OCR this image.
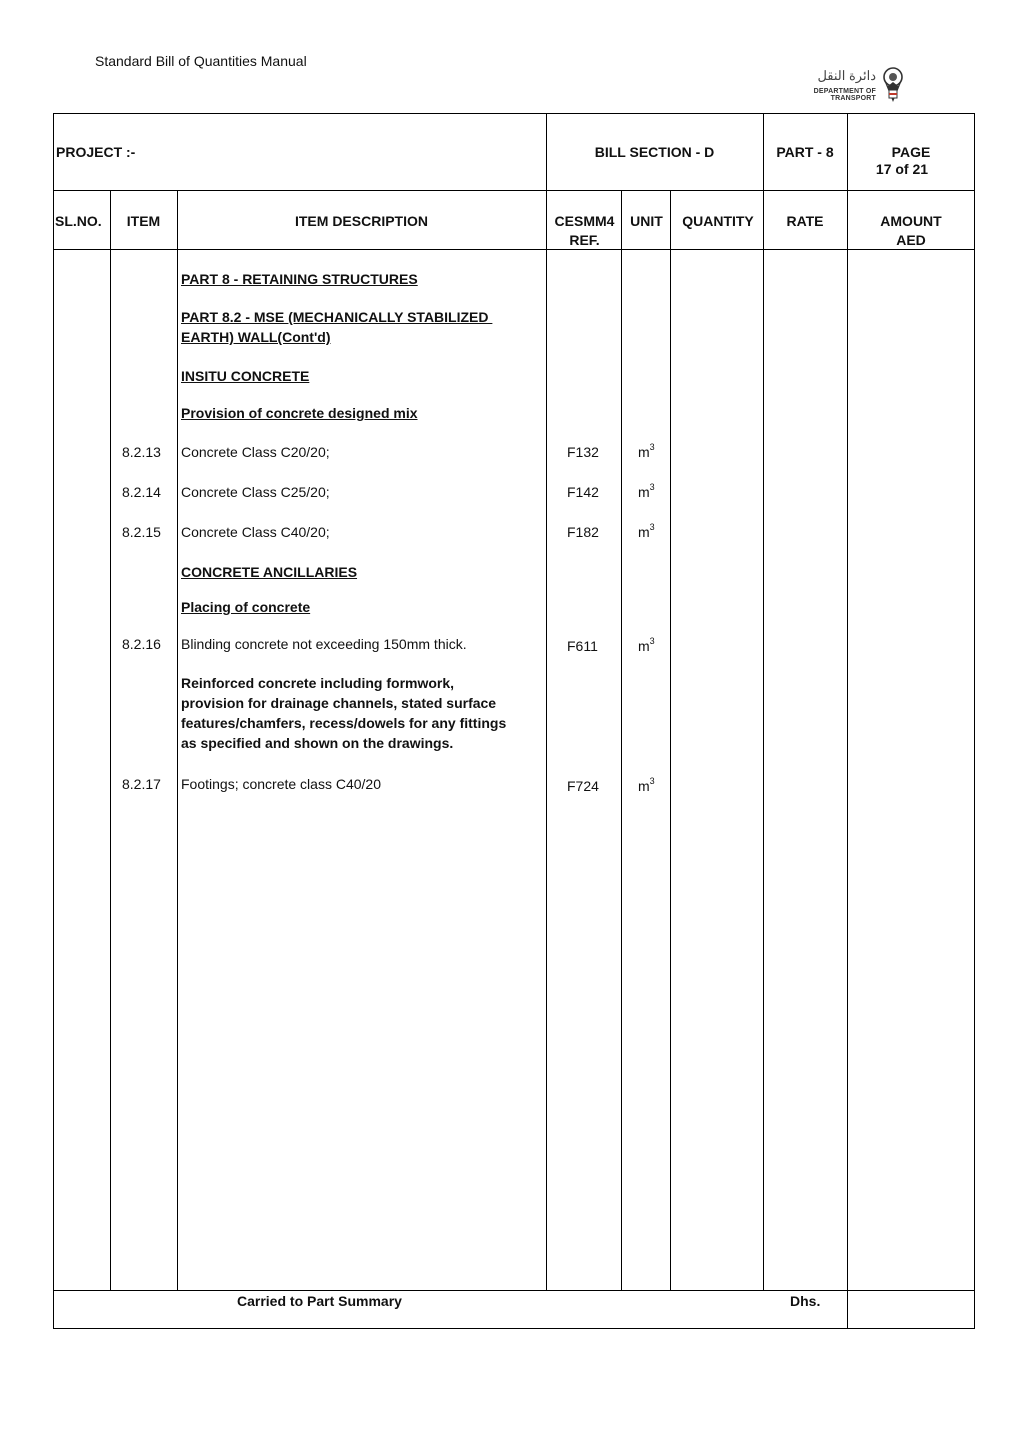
Standard Bill of Quantities Manual
دائرة النقل
DEPARTMENT OF TRANSPORT
PROJECT :-	BILL SECTION - D	PART - 8	PAGE
17 of 21
SL.NO.	ITEM	ITEM DESCRIPTION	CESMM4
REF.
UNIT	QUANTITY	RATE	AMOUNT
AED
PART 8 - RETAINING STRUCTURES
PART 8.2 - MSE (MECHANICALLY STABILIZED
EARTH) WALL(Cont'd)
INSITU CONCRETE
Provision of concrete designed mix
8.2.13 Concrete Class C20/20;	F132	$m^3$
8.2.14 Concrete Class C25/20;	F142	$m^3$
8.2.15 Concrete Class C40/20;	F182	$m^3$
CONCRETE ANCILLARIES
Placing of concrete
8.2.16 Blinding concrete not exceeding 150mm thick.	F611	$m^3$
Reinforced concrete including formwork,
provision for drainage channels, stated surface
features/chamfers, recess/dowels for any fittings
as specified and shown on the drawings.
8.2.17 Footings; concrete class C40/20	F724	$m^3$
Carried to Part Summary	Dhs.
